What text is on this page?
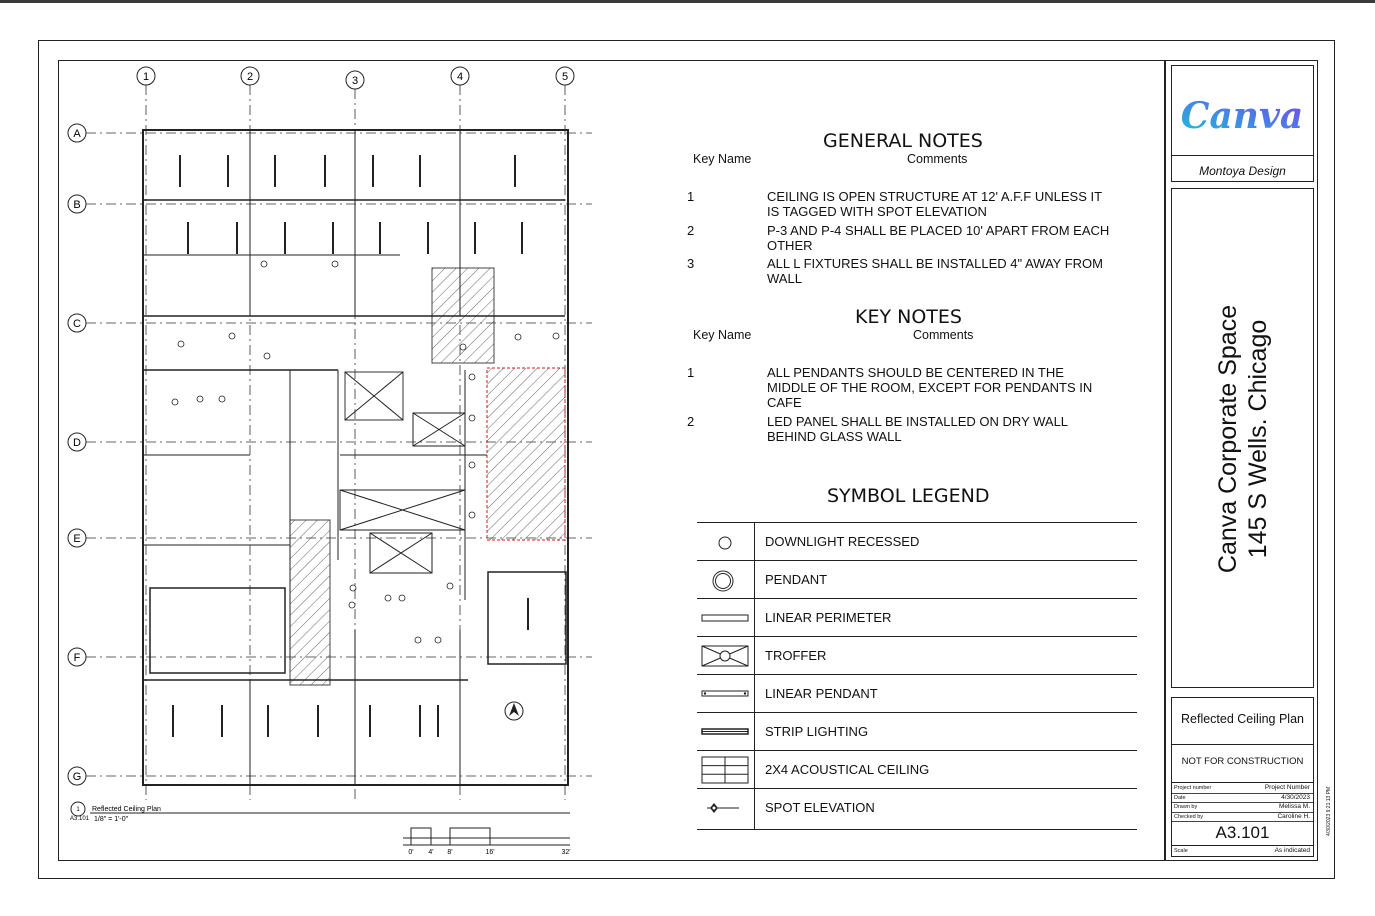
1	2	3	4	5
A
B
C
D
E
F
G
1
A3.101
Reflected Ceiling Plan
1/8" = 1'-0"
0' 4' 8'	16'	32'
GENERAL NOTES
Key Name	Comments
1	CEILING IS OPEN STRUCTURE AT 12' A.F.F UNLESS IT IS TAGGED WITH SPOT ELEVATION
2	P-3 AND P-4 SHALL BE PLACED 10' APART FROM EACH OTHER
3	ALL L FIXTURES SHALL BE INSTALLED 4" AWAY FROM WALL
KEY NOTES
Key Name	Comments
1	ALL PENDANTS SHOULD BE CENTERED IN THE MIDDLE OF THE ROOM, EXCEPT FOR PENDANTS IN CAFE
2	LED PANEL SHALL BE INSTALLED ON DRY WALL BEHIND GLASS WALL
SYMBOL LEGEND
DOWNLIGHT RECESSED
PENDANT
LINEAR PERIMETER
TROFFER
LINEAR PENDANT
STRIP LIGHTING
2X4 ACOUSTICAL CEILING
SPOT ELEVATION
Canva
Montoya Design
Canva Corporate Space 145 S Wells. Chicago
Reflected Ceiling Plan
NOT FOR CONSTRUCTION
Project number	Project Number
Date	4/30/2023
Drawn by	Melissa M.
Checked by	Caroline H.
A3.101
Scale	As indicated
4/30/2023 9:21:13 PM
